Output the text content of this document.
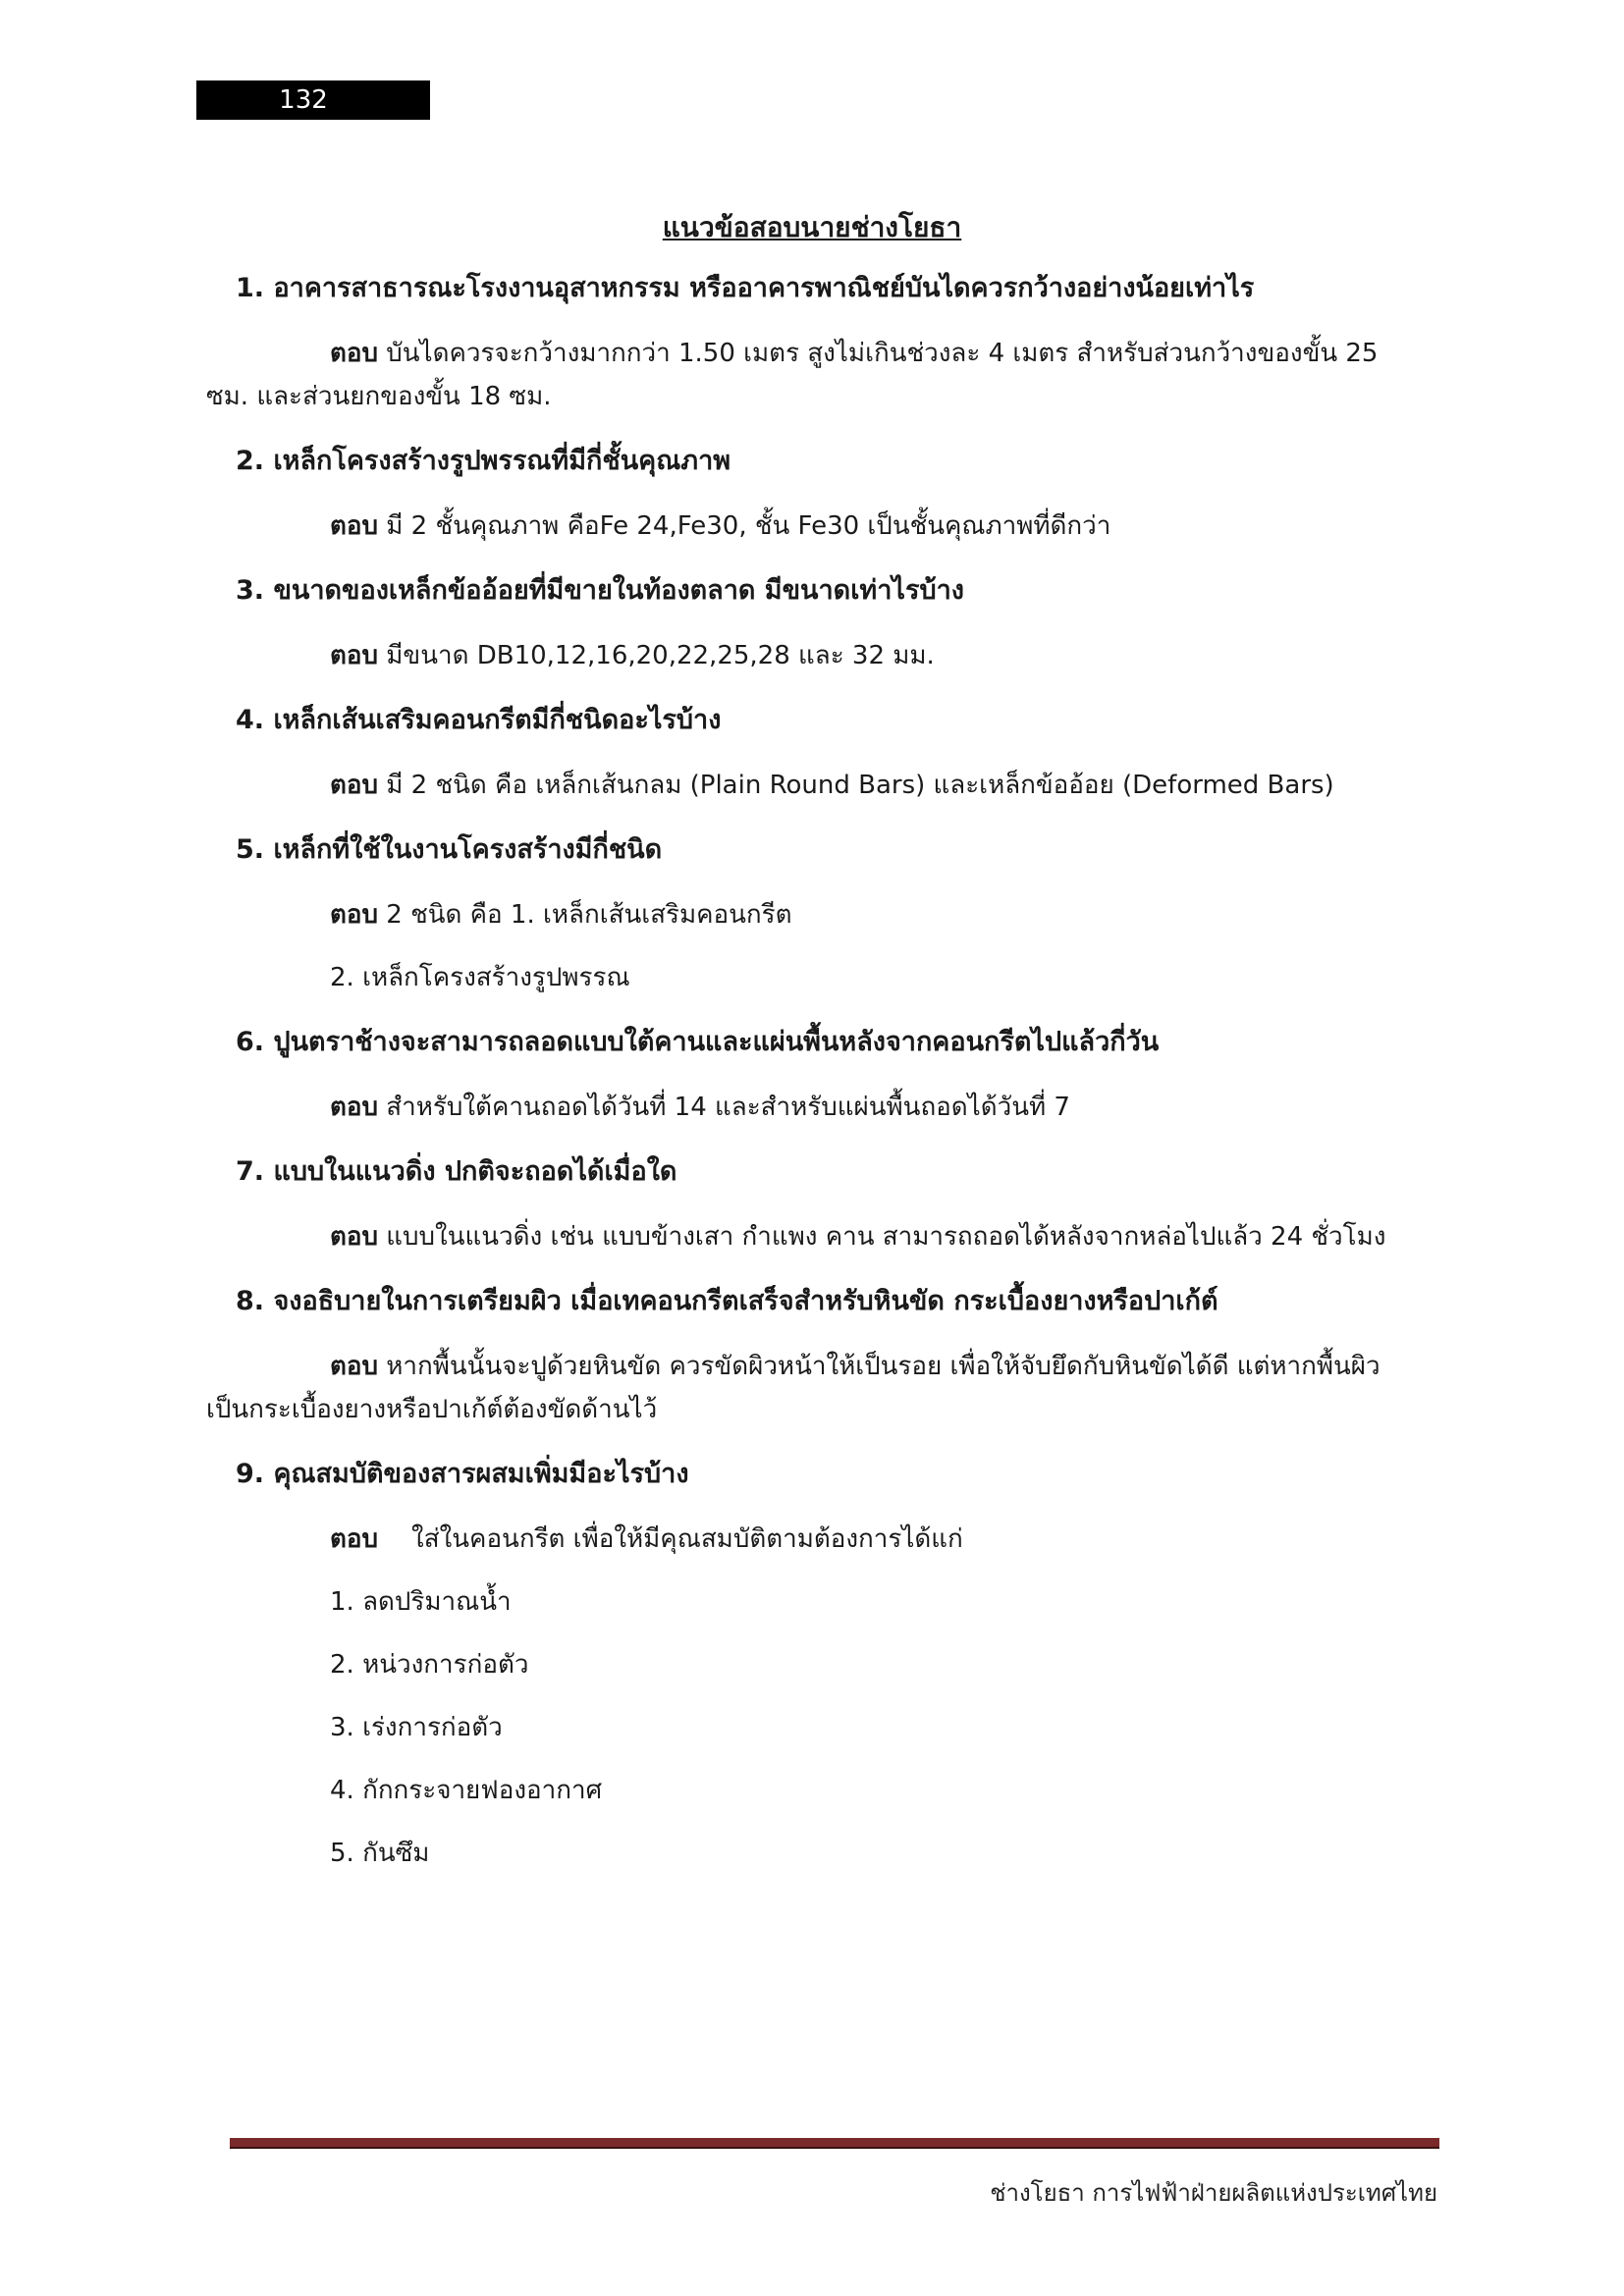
132
แนวข้อสอบนายช่างโยธา
1. อาคารสาธารณะโรงงานอุสาหกรรม หรืออาคารพาณิชย์บันไดควรกว้างอย่างน้อยเท่าไร
ตอบ บันไดควรจะกว้างมากกว่า 1.50 เมตร สูงไม่เกินช่วงละ 4 เมตร สำหรับส่วนกว้างของขั้น 25 ซม. และส่วนยกของขั้น 18 ซม.
2. เหล็กโครงสร้างรูปพรรณที่มีกี่ชั้นคุณภาพ
ตอบ มี 2 ชั้นคุณภาพ คือFe 24,Fe30, ชั้น Fe30 เป็นชั้นคุณภาพที่ดีกว่า
3. ขนาดของเหล็กข้ออ้อยที่มีขายในท้องตลาด มีขนาดเท่าไรบ้าง
ตอบ มีขนาด DB10,12,16,20,22,25,28 และ 32 มม.
4. เหล็กเส้นเสริมคอนกรีตมีกี่ชนิดอะไรบ้าง
ตอบ มี 2 ชนิด คือ เหล็กเส้นกลม (Plain Round Bars) และเหล็กข้ออ้อย (Deformed Bars)
5. เหล็กที่ใช้ในงานโครงสร้างมีกี่ชนิด
ตอบ 2 ชนิด คือ 1. เหล็กเส้นเสริมคอนกรีต
2. เหล็กโครงสร้างรูปพรรณ
6. ปูนตราช้างจะสามารถลอดแบบใต้คานและแผ่นพื้นหลังจากคอนกรีตไปแล้วกี่วัน
ตอบ สำหรับใต้คานถอดได้วันที่ 14 และสำหรับแผ่นพื้นถอดได้วันที่ 7
7. แบบในแนวดิ่ง ปกติจะถอดได้เมื่อใด
ตอบ แบบในแนวดิ่ง เช่น แบบข้างเสา กำแพง คาน สามารถถอดได้หลังจากหล่อไปแล้ว 24 ชั่วโมง
8. จงอธิบายในการเตรียมผิว เมื่อเทคอนกรีตเสร็จสำหรับหินขัด กระเบื้องยางหรือปาเก้ต์
ตอบ หากพื้นนั้นจะปูด้วยหินขัด ควรขัดผิวหน้าให้เป็นรอย เพื่อให้จับยึดกับหินขัดได้ดี แต่หากพื้นผิวเป็นกระเบื้องยางหรือปาเก้ต์ต้องขัดด้านไว้
9. คุณสมบัติของสารผสมเพิ่มมีอะไรบ้าง
ตอบ ใส่ในคอนกรีต เพื่อให้มีคุณสมบัติตามต้องการได้แก่
1. ลดปริมาณน้ำ
2. หน่วงการก่อตัว
3. เร่งการก่อตัว
4. กักกระจายฟองอากาศ
5. กันซึม
ช่างโยธา การไฟฟ้าฝ่ายผลิตแห่งประเทศไทย
